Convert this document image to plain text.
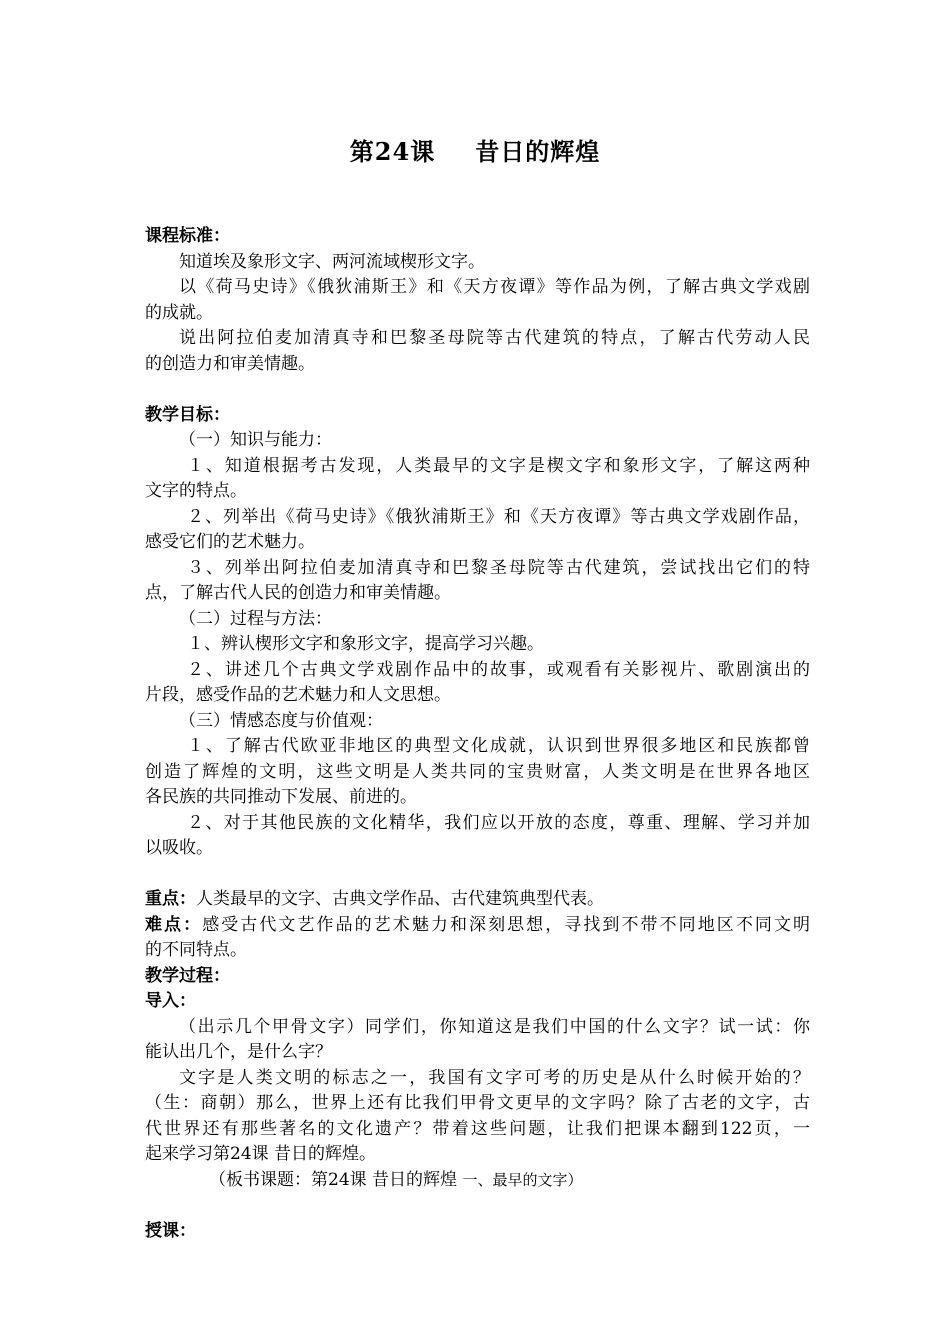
第24课 昔日的辉煌
课程标准：
知道埃及象形文字、两河流域楔形文字。
以《荷马史诗》《俄狄浦斯王》和《天方夜谭》等作品为例，了解古典文学戏剧
的成就。
说出阿拉伯麦加清真寺和巴黎圣母院等古代建筑的特点，了解古代劳动人民
的创造力和审美情趣。
教学目标：
（一）知识与能力：
１、知道根据考古发现，人类最早的文字是楔文字和象形文字，了解这两种
文字的特点。
２、列举出《荷马史诗》《俄狄浦斯王》和《天方夜谭》等古典文学戏剧作品，
感受它们的艺术魅力。
３、列举出阿拉伯麦加清真寺和巴黎圣母院等古代建筑，尝试找出它们的特
点，了解古代人民的创造力和审美情趣。
（二）过程与方法：
１、辨认楔形文字和象形文字，提高学习兴趣。
２、讲述几个古典文学戏剧作品中的故事，或观看有关影视片、歌剧演出的
片段，感受作品的艺术魅力和人文思想。
（三）情感态度与价值观：
１、了解古代欧亚非地区的典型文化成就，认识到世界很多地区和民族都曾
创造了辉煌的文明，这些文明是人类共同的宝贵财富，人类文明是在世界各地区
各民族的共同推动下发展、前进的。
２、对于其他民族的文化精华，我们应以开放的态度，尊重、理解、学习并加
以吸收。
重点：人类最早的文字、古典文学作品、古代建筑典型代表。
难点：感受古代文艺作品的艺术魅力和深刻思想，寻找到不带不同地区不同文明
的不同特点。
教学过程：
导入：
（出示几个甲骨文字）同学们，你知道这是我们中国的什么文字？试一试：你
能认出几个，是什么字？
文字是人类文明的标志之一，我国有文字可考的历史是从什么时候开始的？
（生：商朝）那么，世界上还有比我们甲骨文更早的文字吗？除了古老的文字，古
代世界还有那些著名的文化遗产？带着这些问题，让我们把课本翻到122页，一
起来学习第24课 昔日的辉煌。
（板书课题：第24课 昔日的辉煌 一、最早的文字）
授课：
